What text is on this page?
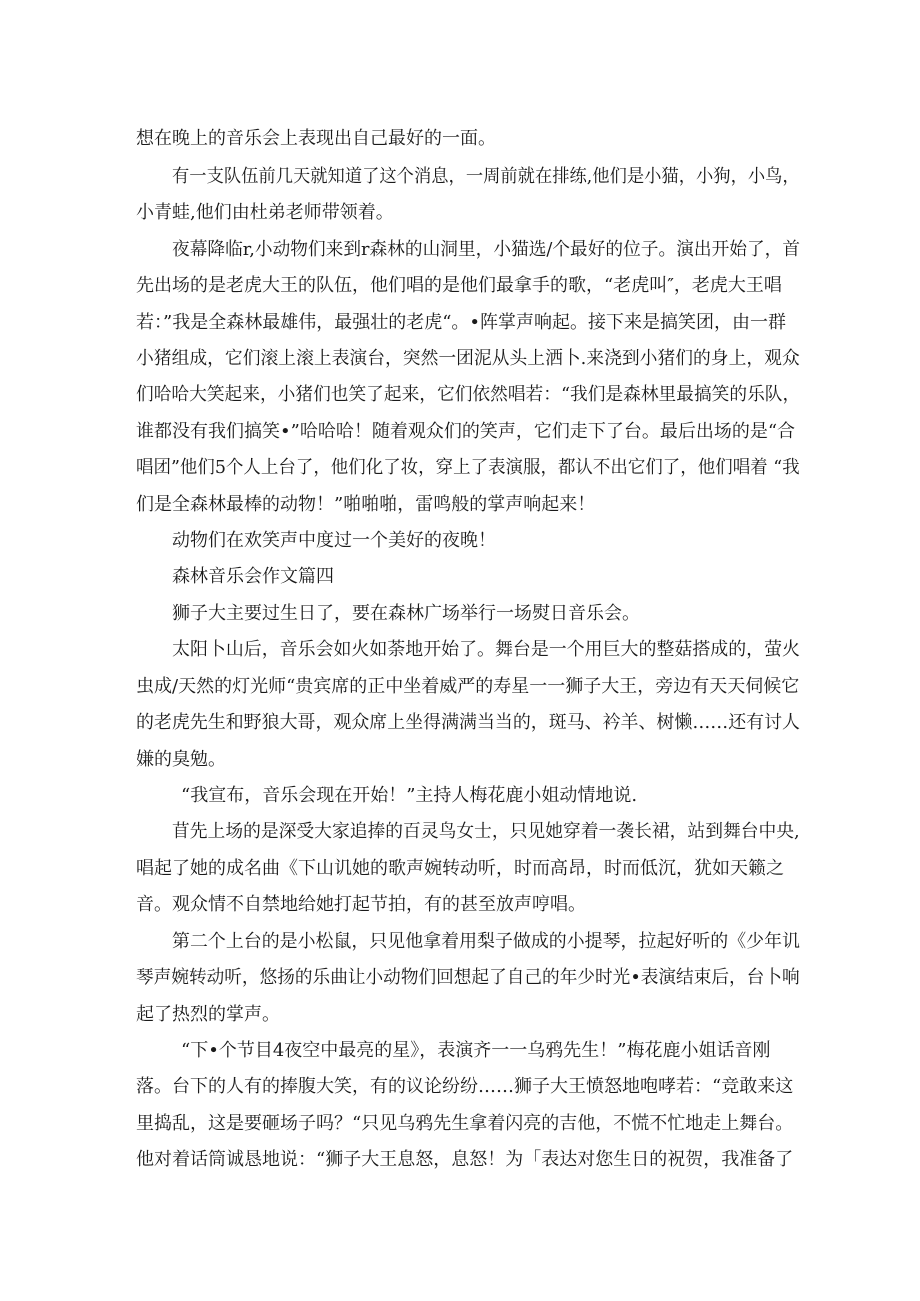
想在晚上的音乐会上表现出自己最好的一面。
有一支队伍前几天就知道了这个消息，一周前就在排练,他们是小猫，小狗，小鸟，
小青蛙,他们由杜弟老师带领着。
夜幕降临r,小动物们来到r森林的山洞里，小猫选/个最好的位子。演出开始了，首
先出场的是老虎大王的队伍，他们唱的是他们最拿手的歌，“老虎叫″，老虎大王唱
若：”我是全森林最雄伟，最强壮的老虎“。•阵掌声响起。接下来是搞笑团，由一群
小猪组成，它们滚上滚上表演台，突然一团泥从头上洒卜.来浇到小猪们的身上，观众
们哈哈大笑起来，小猪们也笑了起来，它们依然唱若：“我们是森林里最搞笑的乐队，
谁都没有我们搞笑•”哈哈哈！随着观众们的笑声，它们走下了台。最后出场的是“合
唱团”他们5个人上台了，他们化了妆，穿上了表演服，都认不出它们了，他们唱着 “我
们是全森林最棒的动物！”啪啪啪，雷鸣般的掌声响起来！
动物们在欢笑声中度过一个美好的夜晚！
森林音乐会作文篇四
狮子大主要过生日了，要在森林广场举行一场熨日音乐会。
太阳卜山后，音乐会如火如荼地开始了。舞台是一个用巨大的整菇搭成的，萤火
虫成/天然的灯光师“贵宾席的正中坐着威严的寿星一一狮子大王，旁边有天天伺候它
的老虎先生和野狼大哥，观众席上坐得满满当当的，斑马、衿羊、树懒……还有讨人
嫌的臭勉。
“我宣布，音乐会现在开始！”主持人梅花鹿小姐动情地说.
苜先上场的是深受大家追捧的百灵鸟女士，只见她穿着一袭长裙，站到舞台中央,
唱起了她的成名曲《下山讥她的歌声婉转动听，时而高昂，时而低沉，犹如天籁之
音。观众情不自禁地给她打起节拍，有的甚至放声哼唱。
第二个上台的是小松鼠，只见他拿着用梨子做成的小提琴，拉起好听的《少年讥
琴声婉转动听，悠扬的乐曲让小动物们回想起了自己的年少时光•表演结束后，台卜响
起了热烈的掌声。
“下•个节目4夜空中最亮的星》，表演齐一一乌鸦先生！”梅花鹿小姐话音刚
落。台下的人有的捧腹大笑，有的议论纷纷……狮子大王愤怒地咆哮若：“竞敢来这
里捣乱，这是要砸场子吗？“只见乌鸦先生拿着闪亮的吉他，不慌不忙地走上舞台。
他对着话筒诚恳地说：“狮子大王息怒，息怒！为「表达对您生日的祝贺，我准备了
